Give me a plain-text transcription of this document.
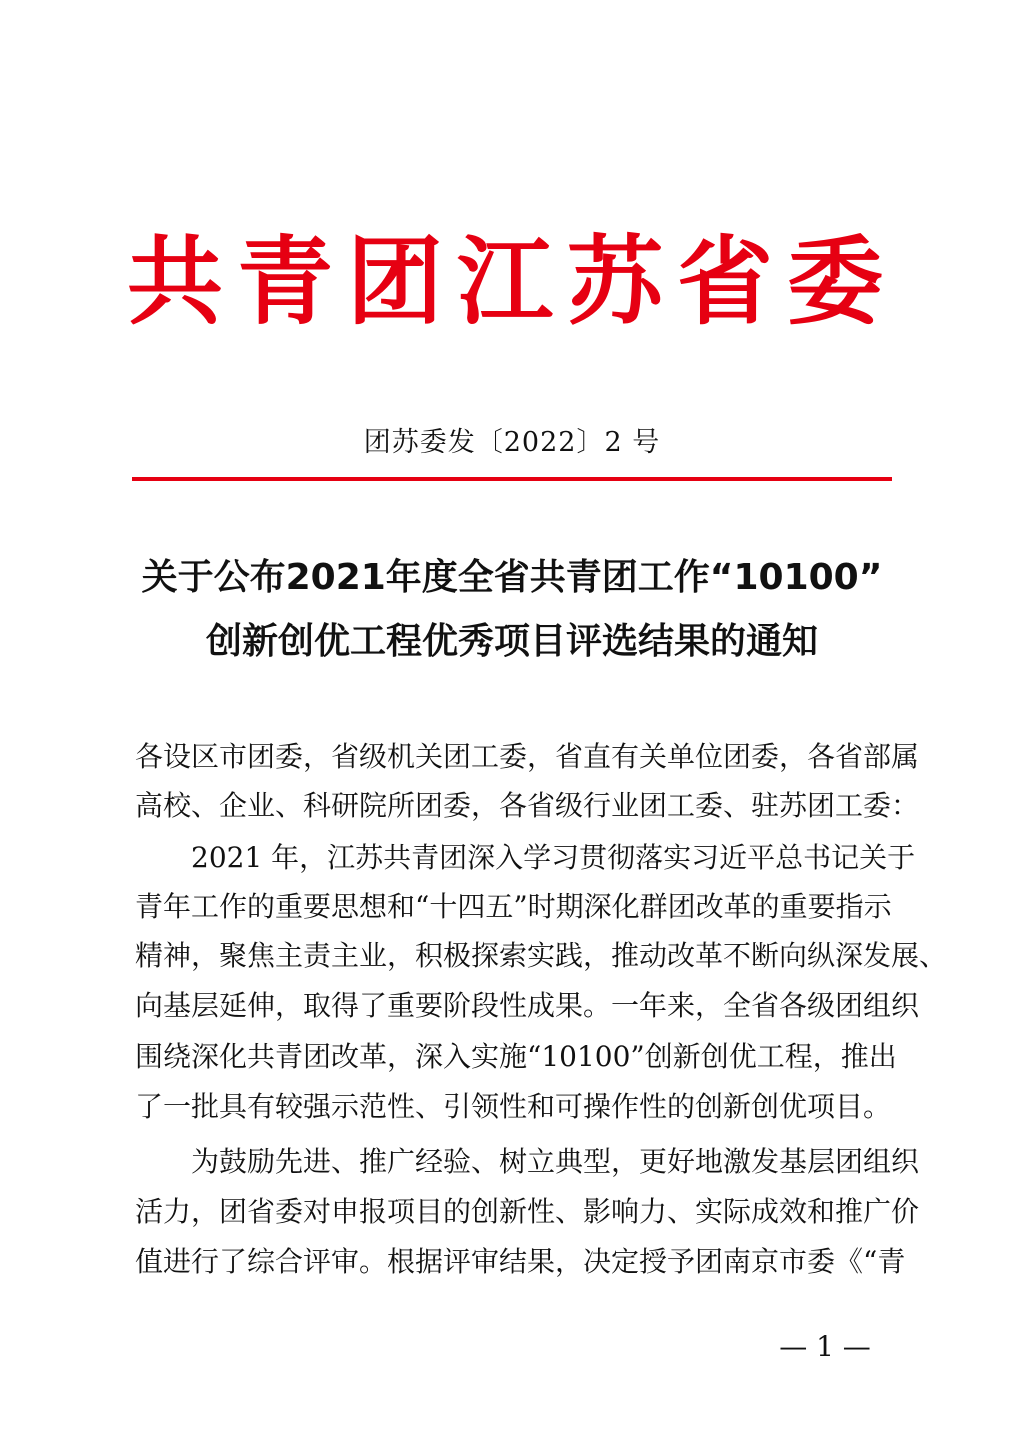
共青团江苏省委
团苏委发〔2022〕2 号
关于公布2021年度全省共青团工作“10100”
创新创优工程优秀项目评选结果的通知
各设区市团委，省级机关团工委，省直有关单位团委，各省部属
高校、企业、科研院所团委，各省级行业团工委、驻苏团工委：
　　2021 年，江苏共青团深入学习贯彻落实习近平总书记关于
青年工作的重要思想和“十四五”时期深化群团改革的重要指示
精神，聚焦主责主业，积极探索实践，推动改革不断向纵深发展、
向基层延伸，取得了重要阶段性成果。一年来，全省各级团组织
围绕深化共青团改革，深入实施“10100”创新创优工程，推出
了一批具有较强示范性、引领性和可操作性的创新创优项目。
　　为鼓励先进、推广经验、树立典型，更好地激发基层团组织
活力，团省委对申报项目的创新性、影响力、实际成效和推广价
值进行了综合评审。根据评审结果，决定授予团南京市委《“青
— 1 —
